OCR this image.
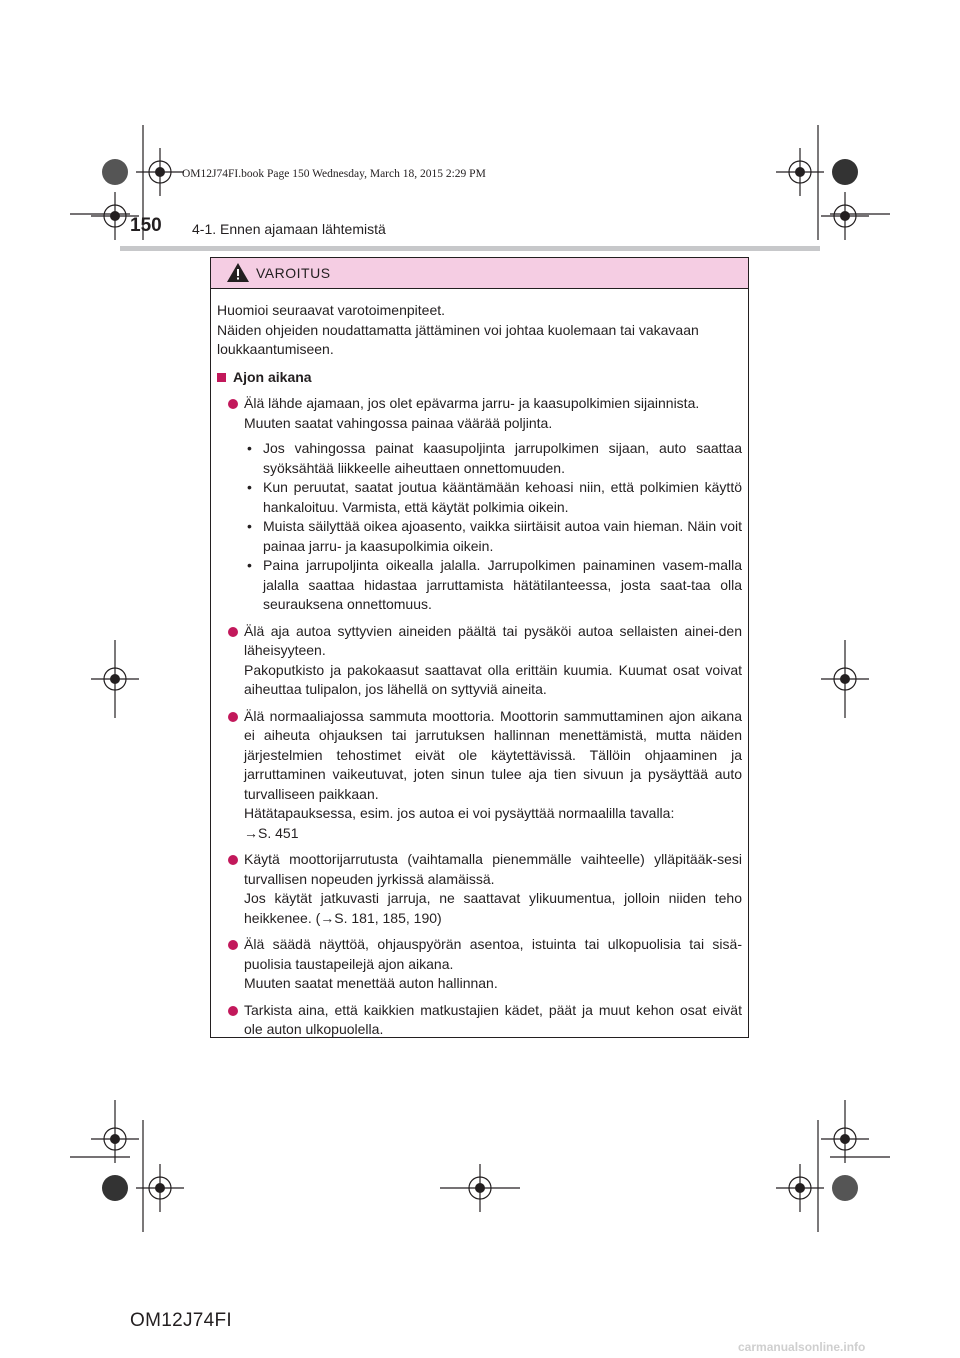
OM12J74FI.book Page 150 Wednesday, March 18, 2015 2:29 PM
150 4-1. Ennen ajamaan lähtemistä
VAROITUS

Huomioi seuraavat varotoimenpiteet.

Näiden ohjeiden noudattamatta jättäminen voi johtaa kuolemaan tai vakavaan loukkaantumiseen.

Ajon aikana

Älä lähde ajamaan, jos olet epävarma jarru- ja kaasupolkimien sijainnista.

Muuten saatat vahingossa painaa väärää poljinta.

• Jos vahingossa painat kaasupoljinta jarrupolkimen sijaan, auto saattaa syöksähtää liikkeelle aiheuttaen onnettomuuden.
• Kun peruutat, saatat joutua kääntämään kehoasi niin, että polkimien käyttö hankaloituu. Varmista, että käytät polkimia oikein.
• Muista säilyttää oikea ajoasento, vaikka siirtäisit autoa vain hieman. Näin voit painaa jarru- ja kaasupolkimia oikein.
• Paina jarrupoljinta oikealla jalalla. Jarrupolkimen painaminen vasem-malla jalalla saattaa hidastaa jarruttamista hätätilanteessa, josta saat-taa olla seurauksena onnettomuus.

Älä aja autoa syttyvien aineiden päältä tai pysäköi autoa sellaisten ainei-den läheisyyteen.

Pakoputkisto ja pakokaasut saattavat olla erittäin kuumia. Kuumat osat voivat aiheuttaa tulipalon, jos lähellä on syttyviä aineita.

Älä normaaliajossa sammuta moottoria. Moottorin sammuttaminen ajon aikana ei aiheuta ohjauksen tai jarrutuksen hallinnan menettämistä, mutta näiden järjestelmien tehostimet eivät ole käytettävissä. Tällöin ohjaaminen ja jarruttaminen vaikeutuvat, joten sinun tulee aja tien sivuun ja pysäyttää auto turvalliseen paikkaan.

Hätätapauksessa, esim. jos autoa ei voi pysäyttää normaalilla tavalla:

→S. 451

Käytä moottorijarrutusta (vaihtamalla pienemmälle vaihteelle) ylläpitääk-sesi turvallisen nopeuden jyrkissä alamäissä.

Jos käytät jatkuvasti jarruja, ne saattavat ylikuumentua, jolloin niiden teho heikkenee. (→S. 181, 185, 190)

Älä säädä näyttöä, ohjauspyörän asentoa, istuinta tai ulkopuolisia tai sisä-puolisia taustapeilejä ajon aikana.

Muuten saatat menettää auton hallinnan.

Tarkista aina, että kaikkien matkustajien kädet, päät ja muut kehon osat eivät ole auton ulkopuolella.

OM12J74FI
carmanualsonline.info
